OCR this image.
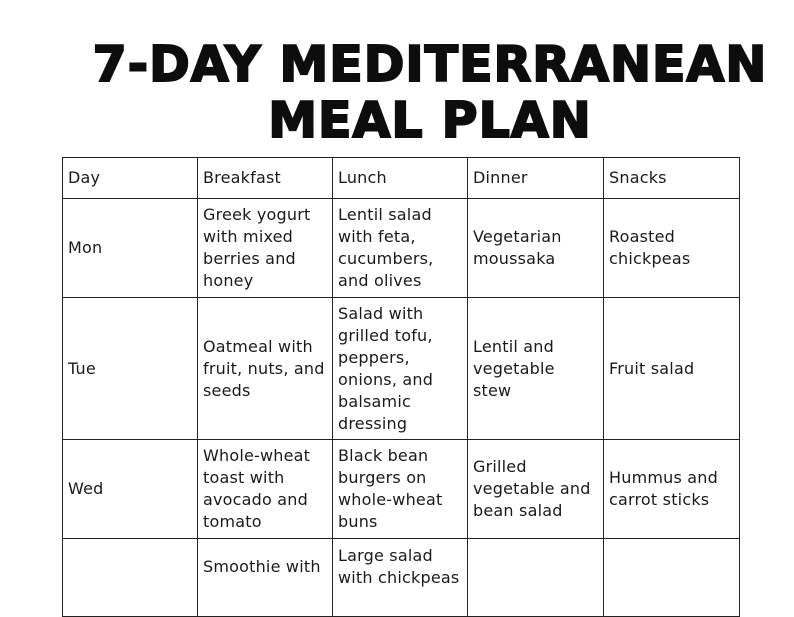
7-DAY MEDITERRANEAN
MEAL PLAN
Day	Breakfast	Lunch	Dinner	Snacks
Mon	Greek yogurt with mixed berries and honey	Lentil salad with feta, cucumbers, and olives	Vegetarian moussaka	Roasted chickpeas
Tue	Oatmeal with fruit, nuts, and seeds	Salad with grilled tofu, peppers, onions, and balsamic dressing	Lentil and vegetable stew	Fruit salad
Wed	Whole-wheat toast with avocado and tomato	Black bean burgers on whole-wheat buns	Grilled vegetable and bean salad	Hummus and carrot sticks
	Smoothie with	Large salad with chickpeas		
